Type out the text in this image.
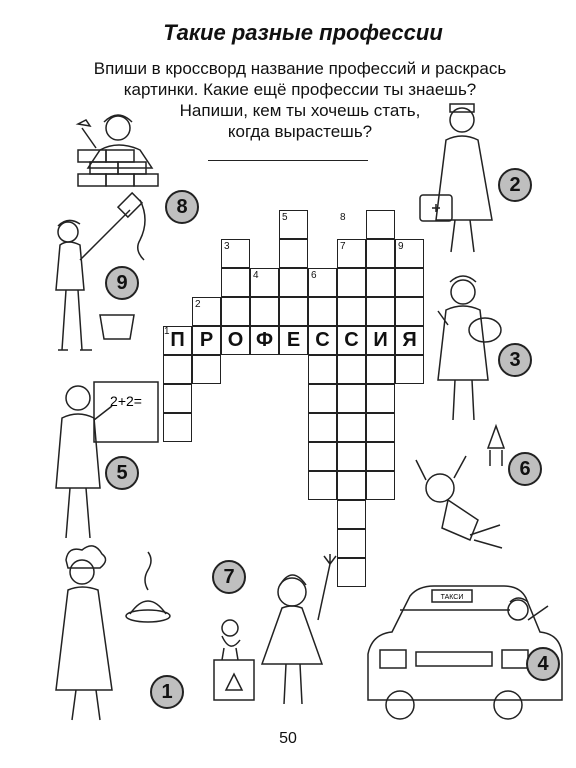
Такие разные профессии
Впиши в кроссворд название профессий и раскрась
картинки. Какие ещё профессии ты знаешь?
Напиши, кем ты хочешь стать,
когда вырастешь?
П Р О Ф Е С С И Я
1
2
3
4
5
6
7
8
9
ТАКСИ
2+2=
2
8
9
3
5	6
7
1
4
50
